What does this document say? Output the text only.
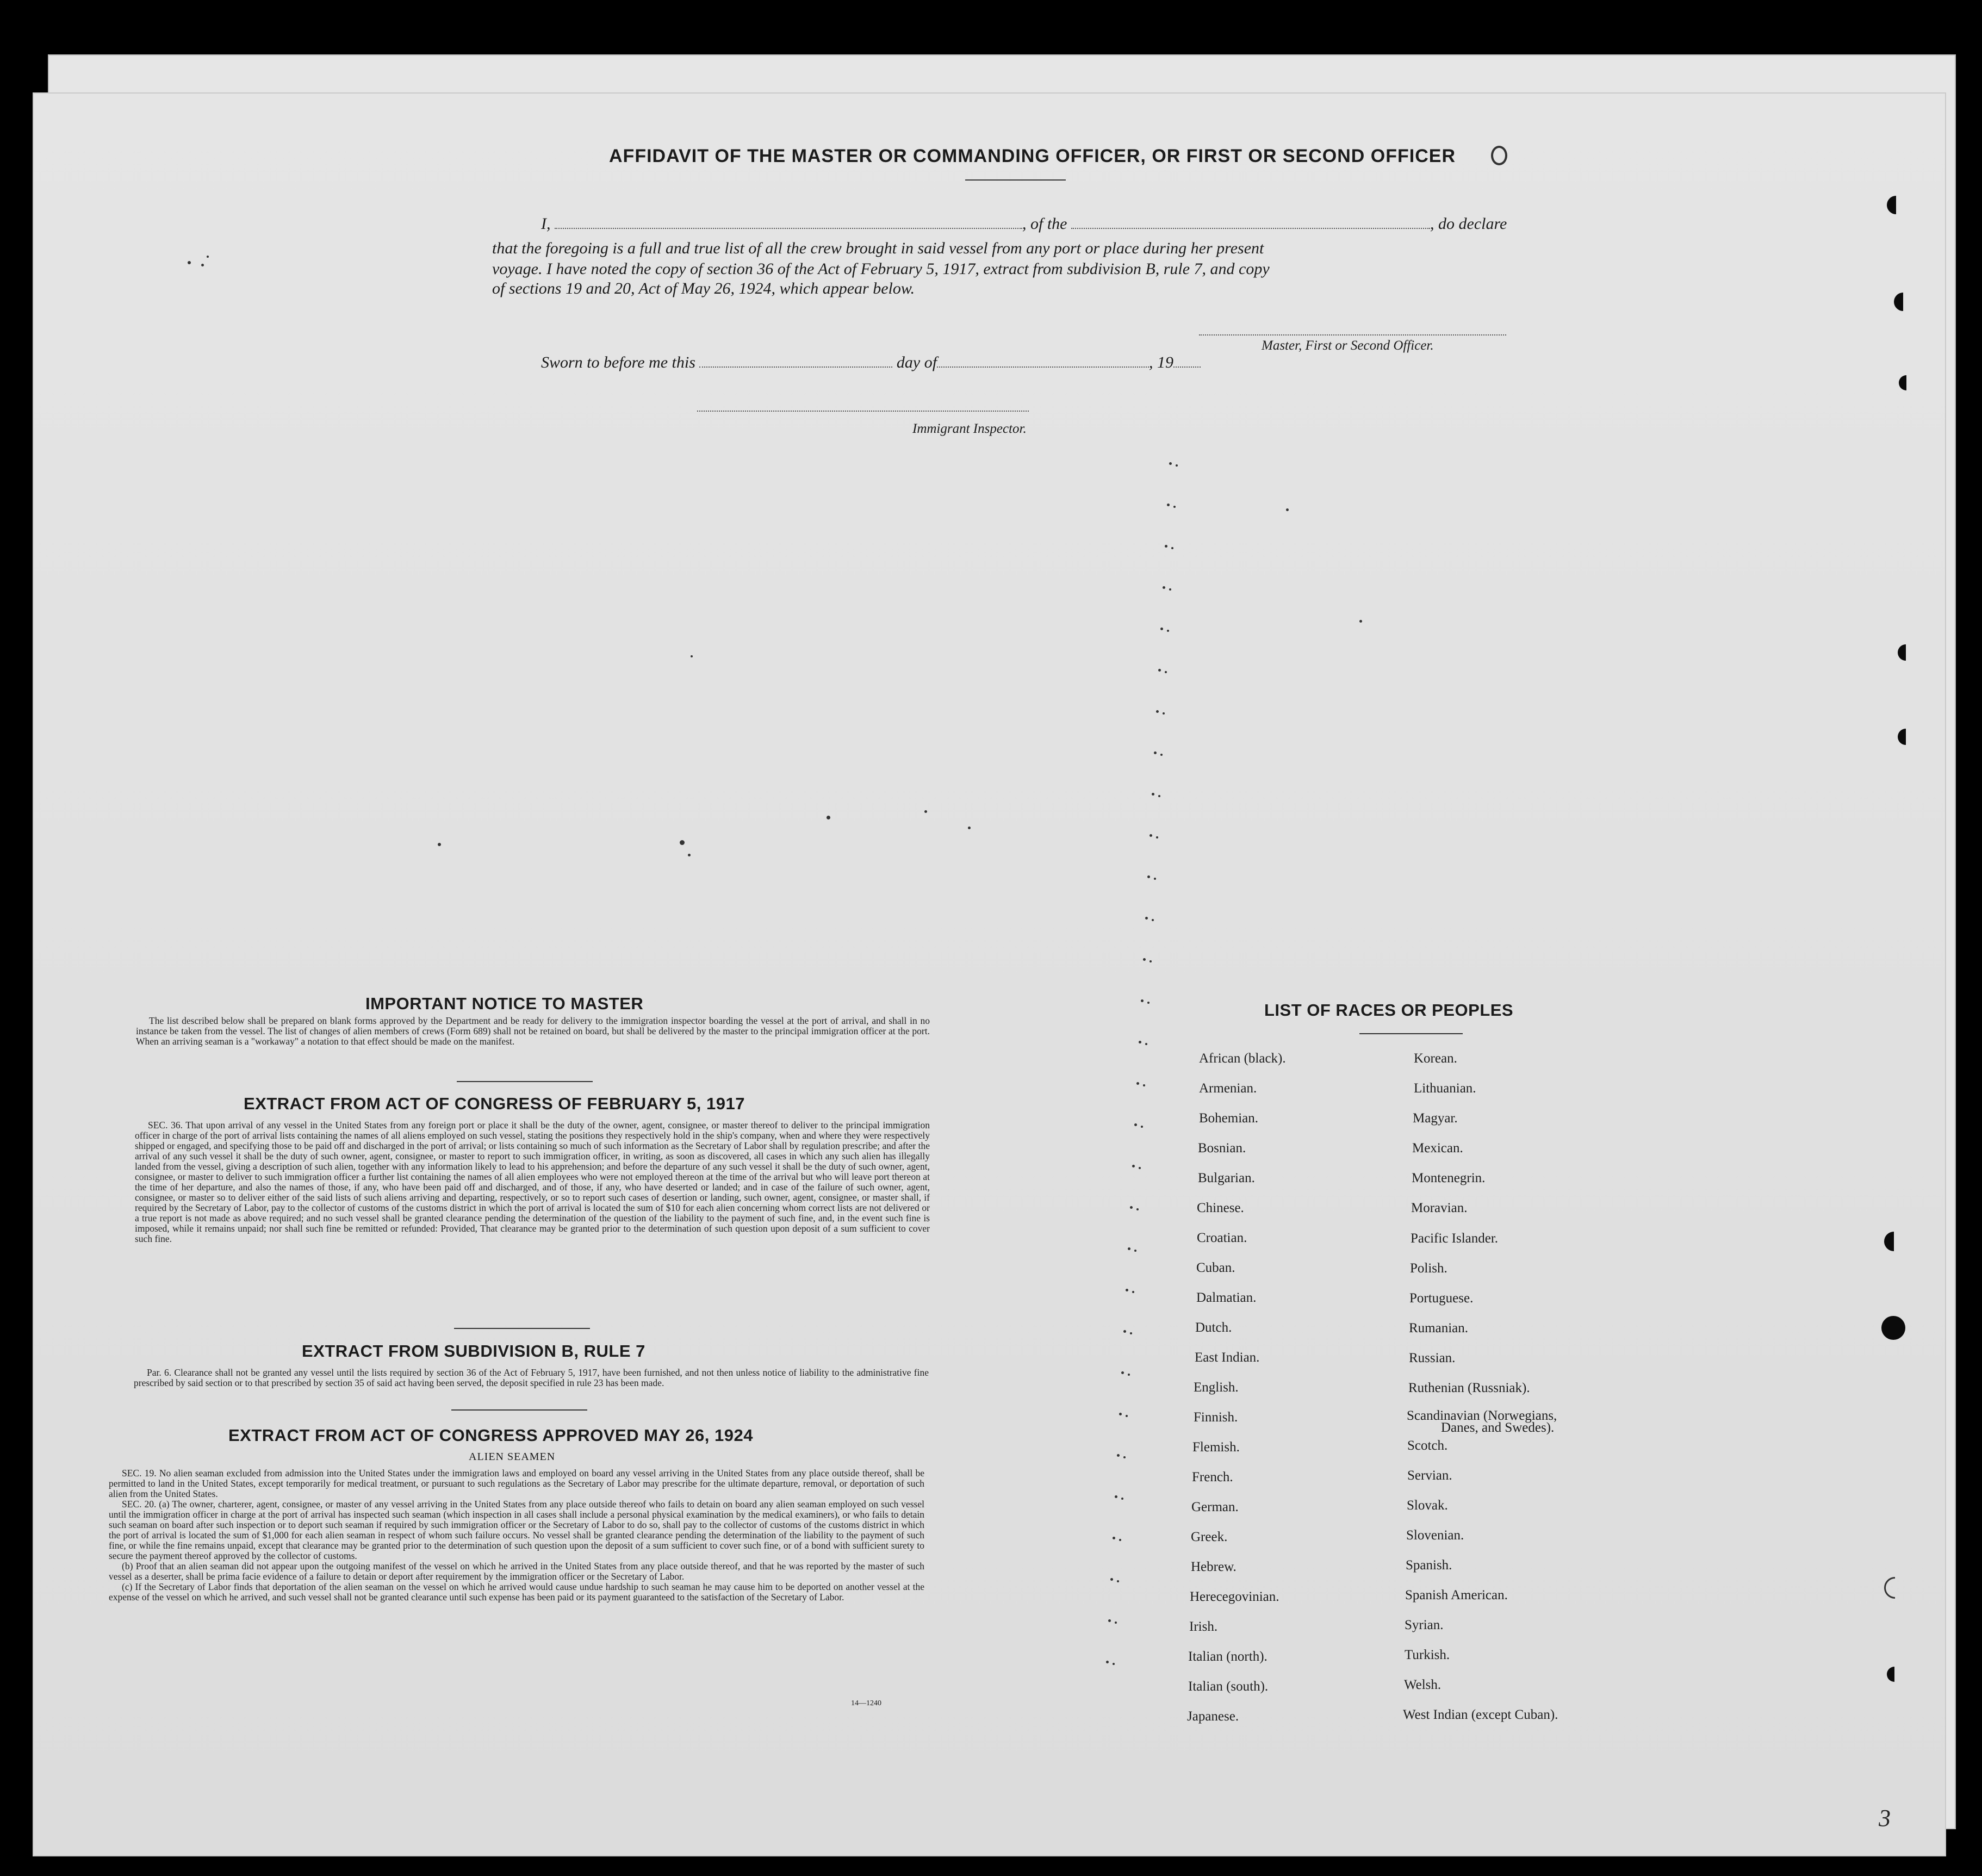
AFFIDAVIT OF THE MASTER OR COMMANDING OFFICER, OR FIRST OR SECOND OFFICER
I,	, of the	, do declare
that the foregoing is a full and true list of all the crew brought in said vessel from any port or place during her present
voyage. I have noted the copy of section 36 of the Act of February 5, 1917, extract from subdivision B, rule 7, and copy
of sections 19 and 20, Act of May 26, 1924, which appear below.
Master, First or Second Officer.
Sworn to before me this	day of	, 19
Immigrant Inspector.
IMPORTANT NOTICE TO MASTER

The list described below shall be prepared on blank forms approved by the Department and be ready for delivery to the immigration inspector boarding the vessel at the port of arrival, and shall in no instance be taken from the vessel. The list of changes of alien members of crews (Form 689) shall not be retained on board, but shall be delivered by the master to the principal immigration officer at the port. When an arriving seaman is a "workaway" a notation to that effect should be made on the manifest.

EXTRACT FROM ACT OF CONGRESS OF FEBRUARY 5, 1917

SEC. 36. That upon arrival of any vessel in the United States from any foreign port or place it shall be the duty of the owner, agent, consignee, or master thereof to deliver to the principal immigration officer in charge of the port of arrival lists containing the names of all aliens employed on such vessel, stating the positions they respectively hold in the ship's company, when and where they were respectively shipped or engaged, and specifying those to be paid off and discharged in the port of arrival; or lists containing so much of such information as the Secretary of Labor shall by regulation prescribe; and after the arrival of any such vessel it shall be the duty of such owner, agent, consignee, or master to report to such immigration officer, in writing, as soon as discovered, all cases in which any such alien has illegally landed from the vessel, giving a description of such alien, together with any information likely to lead to his apprehension; and before the departure of any such vessel it shall be the duty of such owner, agent, consignee, or master to deliver to such immigration officer a further list containing the names of all alien employees who were not employed thereon at the time of the arrival but who will leave port thereon at the time of her departure, and also the names of those, if any, who have been paid off and discharged, and of those, if any, who have deserted or landed; and in case of the failure of such owner, agent, consignee, or master so to deliver either of the said lists of such aliens arriving and departing, respectively, or so to report such cases of desertion or landing, such owner, agent, consignee, or master shall, if required by the Secretary of Labor, pay to the collector of customs of the customs district in which the port of arrival is located the sum of $10 for each alien concerning whom correct lists are not delivered or a true report is not made as above required; and no such vessel shall be granted clearance pending the determination of the question of the liability to the payment of such fine, and, in the event such fine is imposed, while it remains unpaid; nor shall such fine be remitted or refunded: Provided, That clearance may be granted prior to the determination of such question upon deposit of a sum sufficient to cover such fine.

EXTRACT FROM SUBDIVISION B, RULE 7

Par. 6. Clearance shall not be granted any vessel until the lists required by section 36 of the Act of February 5, 1917, have been furnished, and not then unless notice of liability to the administrative fine prescribed by said section or to that prescribed by section 35 of said act having been served, the deposit specified in rule 23 has been made.

EXTRACT FROM ACT OF CONGRESS APPROVED MAY 26, 1924
ALIEN SEAMEN

SEC. 19. No alien seaman excluded from admission into the United States under the immigration laws and employed on board any vessel arriving in the United States from any place outside thereof, shall be permitted to land in the United States, except temporarily for medical treatment, or pursuant to such regulations as the Secretary of Labor may prescribe for the ultimate departure, removal, or deportation of such alien from the United States.

SEC. 20. (a) The owner, charterer, agent, consignee, or master of any vessel arriving in the United States from any place outside thereof who fails to detain on board any alien seaman employed on such vessel until the immigration officer in charge at the port of arrival has inspected such seaman (which inspection in all cases shall include a personal physical examination by the medical examiners), or who fails to detain such seaman on board after such inspection or to deport such seaman if required by such immigration officer or the Secretary of Labor to do so, shall pay to the collector of customs of the customs district in which the port of arrival is located the sum of $1,000 for each alien seaman in respect of whom such failure occurs. No vessel shall be granted clearance pending the determination of the liability to the payment of such fine, or while the fine remains unpaid, except that clearance may be granted prior to the determination of such question upon the deposit of a sum sufficient to cover such fine, or of a bond with sufficient surety to secure the payment thereof approved by the collector of customs.

(b) Proof that an alien seaman did not appear upon the outgoing manifest of the vessel on which he arrived in the United States from any place outside thereof, and that he was reported by the master of such vessel as a deserter, shall be prima facie evidence of a failure to detain or deport after requirement by the immigration officer or the Secretary of Labor.

(c) If the Secretary of Labor finds that deportation of the alien seaman on the vessel on which he arrived would cause undue hardship to such seaman he may cause him to be deported on another vessel at the expense of the vessel on which he arrived, and such vessel shall not be granted clearance until such expense has been paid or its payment guaranteed to the satisfaction of the Secretary of Labor.

14—1240
LIST OF RACES OR PEOPLES
African (black).
Armenian.
Bohemian.
Bosnian.
Bulgarian.
Chinese.
Croatian.
Cuban.
Dalmatian.
Dutch.
East Indian.
English.
Finnish.
Flemish.
French.
German.
Greek.
Hebrew.
Herecegovinian.
Irish.
Italian (north).
Italian (south).
Japanese.
Korean.
Lithuanian.
Magyar.
Mexican.
Montenegrin.
Moravian.
Pacific Islander.
Polish.
Portuguese.
Rumanian.
Russian.
Ruthenian (Russniak).
Scandinavian (Norwegians,
Scotch.
Servian.
Slovak.
Slovenian.
Spanish.
Spanish American.
Syrian.
Turkish.
Welsh.
West Indian (except Cuban).
Danes, and Swedes).
3
